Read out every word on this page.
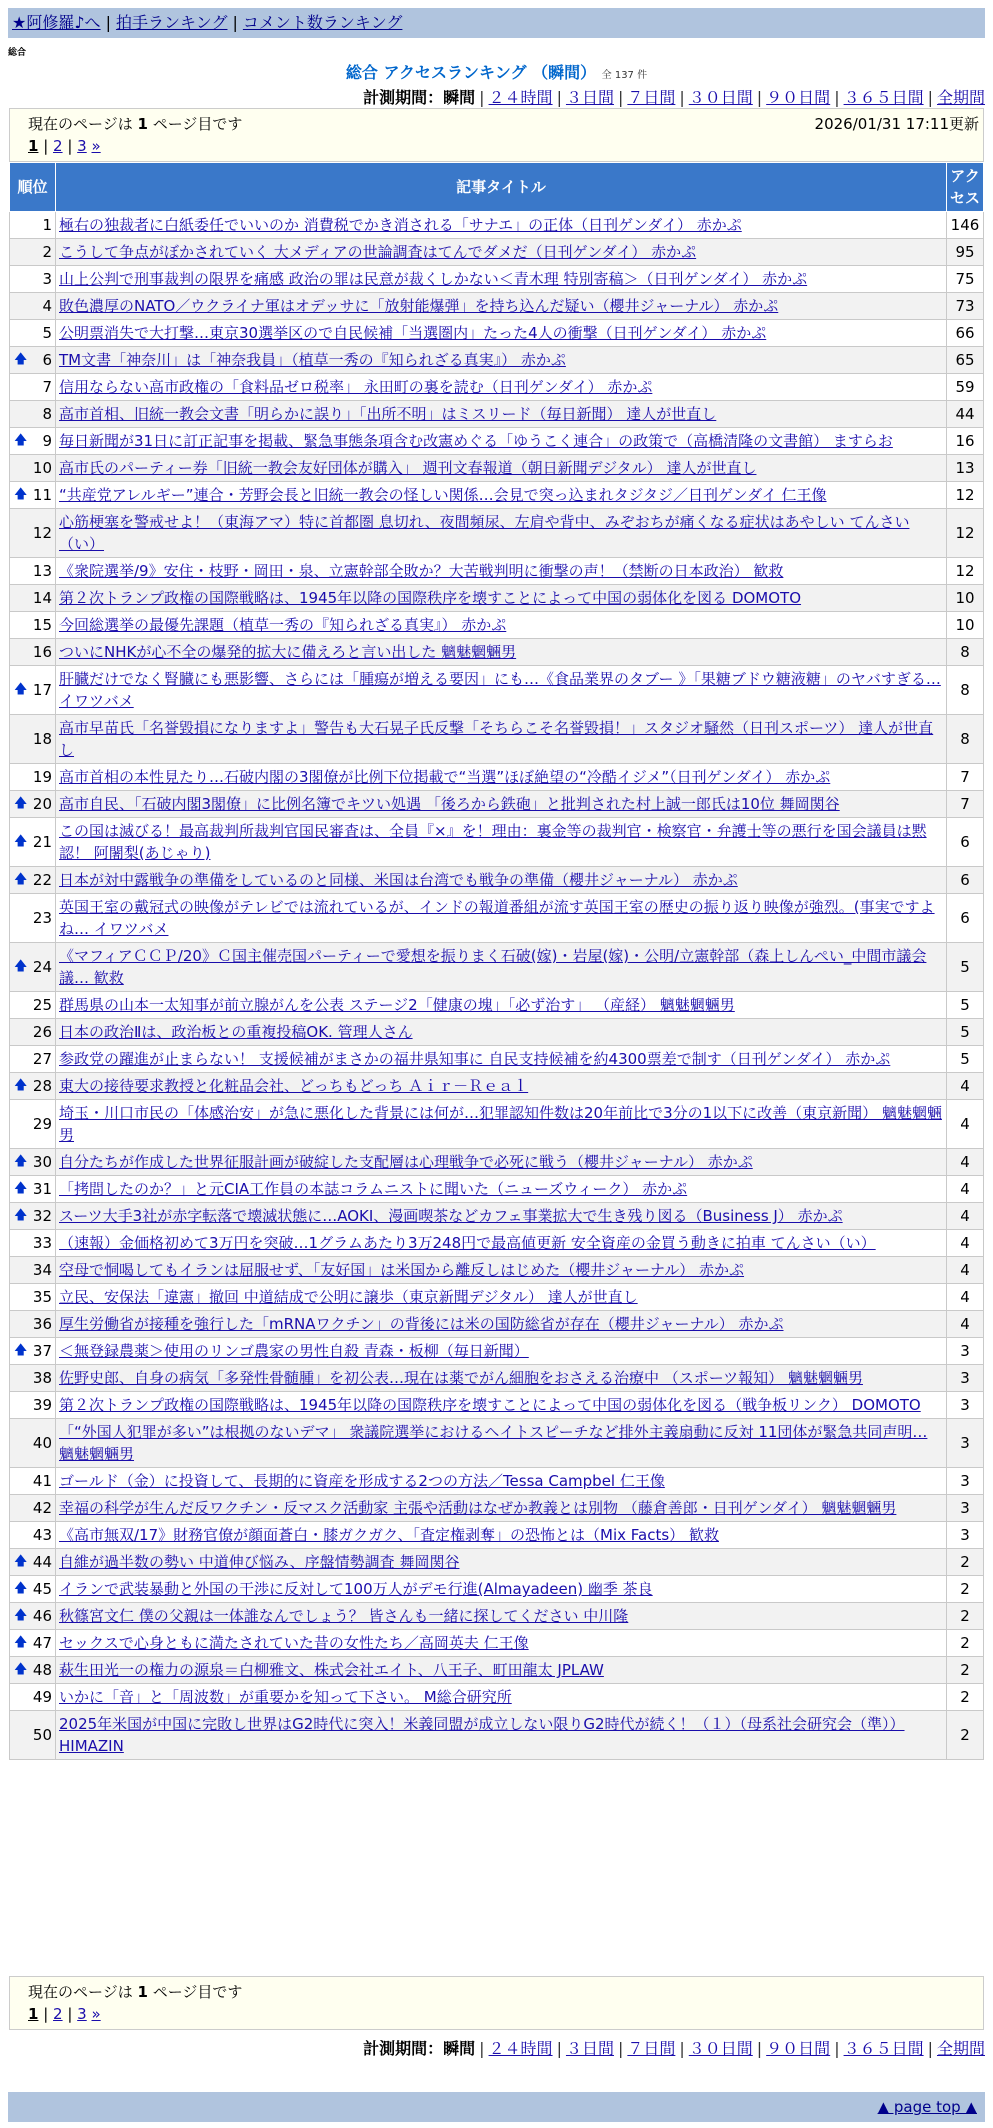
★阿修羅♪へ | 拍手ランキング | コメント数ランキング
総合
総合 アクセスランキング （瞬間） 全 137 件
計測期間：瞬間 | ２４時間 | ３日間 | ７日間 | ３０日間 | ９０日間 | ３６５日間 | 全期間
現在のページは 1 ページ目です	2026/01/31 17:11更新
1 | 2 | 3 »
順位	記事タイトル	アクセス
1	極右の独裁者に白紙委任でいいのか 消費税でかき消される「サナエ」の正体（日刊ゲンダイ） 赤かぷ	146
2	こうして争点がぼかされていく 大メディアの世論調査はてんでダメだ（日刊ゲンダイ） 赤かぷ	95
3	山上公判で刑事裁判の限界を痛感 政治の罪は民意が裁くしかない＜青木理 特別寄稿＞（日刊ゲンダイ） 赤かぷ	75
4	敗色濃厚のNATO／ウクライナ軍はオデッサに「放射能爆弾」を持ち込んだ疑い（櫻井ジャーナル） 赤かぷ	73
5	公明票消失で大打撃…東京30選挙区ので自民候補「当選圏内」たった4人の衝撃（日刊ゲンダイ） 赤かぷ	66

🡅 6	TM文書「神奈川」は「神奈我員」（植草一秀の『知られざる真実』） 赤かぷ	65
7	信用ならない高市政権の「食料品ゼロ税率」 永田町の裏を読む（日刊ゲンダイ） 赤かぷ	59
8	高市首相、旧統一教会文書「明らかに誤り」「出所不明」はミスリード（毎日新聞） 達人が世直し	44

🡅 9	毎日新聞が31日に訂正記事を掲載、緊急事態条項含む改憲めぐる「ゆうこく連合」の政策で（高橋清隆の文書館） ますらお	16
10	高市氏のパーティー券「旧統一教会友好団体が購入」 週刊文春報道（朝日新聞デジタル） 達人が世直し	13

🡅 11	“共産党アレルギー”連合・芳野会長と旧統一教会の怪しい関係…会見で突っ込まれタジタジ／日刊ゲンダイ 仁王像	12
12	心筋梗塞を警戒せよ！（東海アマ）特に首都圏 息切れ、夜間頻尿、左肩や背中、みぞおちが痛くなる症状はあやしい てんさい（い）	12
13	《衆院選挙/9》安住・枝野・岡田・泉、立憲幹部全敗か？大苦戦判明に衝撃の声！（禁断の日本政治） 歓救	12
14	第２次トランプ政権の国際戦略は、1945年以降の国際秩序を壊すことによって中国の弱体化を図る DOMOTO	10
15	今回総選挙の最優先課題（植草一秀の『知られざる真実』） 赤かぷ	10
16	ついにNHKが心不全の爆発的拡大に備えろと言い出した 魑魅魍魎男	8

🡅 17	肝臓だけでなく腎臓にも悪影響、さらには「腫瘍が増える要因」にも…《食品業界のタブー 》「果糖ブドウ糖液糖」のヤバすぎる… イワツバメ	8
18	高市早苗氏「名誉毀損になりますよ」警告も大石晃子氏反撃「そちらこそ名誉毀損！」スタジオ騒然（日刊スポーツ） 達人が世直し	8
19	高市首相の本性見たり…石破内閣の3閣僚が比例下位掲載で“当選”ほぼ絶望の“冷酷イジメ”（日刊ゲンダイ） 赤かぷ	7

🡅 20	高市自民、「石破内閣3閣僚」に比例名簿でキツい処遇 「後ろから鉄砲」と批判された村上誠一郎氏は10位 舞岡関谷	7

🡅 21	この国は滅びる！最高裁判所裁判官国民審査は、全員『×』を！理由：裏金等の裁判官・検察官・弁護士等の悪行を国会議員は黙認！ 阿闍梨(あじゃり)	6

🡅 22	日本が対中露戦争の準備をしているのと同様、米国は台湾でも戦争の準備（櫻井ジャーナル） 赤かぷ	6
23	英国王室の戴冠式の映像がテレビでは流れているが、インドの報道番組が流す英国王室の歴史の振り返り映像が強烈。(事実ですよね… イワツバメ	6

🡅 24	《マフィアＣＣＰ/20》Ｃ国主催売国パーティーで愛想を振りまく石破(嫁)・岩屋(嫁)・公明/立憲幹部（森上しんぺい_中間市議会議… 歓救	5
25	群馬県の山本一太知事が前立腺がんを公表 ステージ2「健康の塊」「必ず治す」 （産経） 魑魅魍魎男	5
26	日本の政治Ⅱは、政治板との重複投稿OK. 管理人さん	5
27	参政党の躍進が止まらない！ 支援候補がまさかの福井県知事に 自民支持候補を約4300票差で制す（日刊ゲンダイ） 赤かぷ	5

🡅 28	東大の接待要求教授と化粧品会社、どっちもどっち Ａｉｒ－Ｒｅａｌ	4
29	埼玉・川口市民の「体感治安」が急に悪化した背景には何が…犯罪認知件数は20年前比で3分の1以下に改善（東京新聞） 魑魅魍魎男	4

🡅 30	自分たちが作成した世界征服計画が破綻した支配層は心理戦争で必死に戦う（櫻井ジャーナル） 赤かぷ	4

🡅 31	「拷問したのか？」と元CIA工作員の本誌コラムニストに聞いた（ニューズウィーク） 赤かぷ	4

🡅 32	スーツ大手3社が赤字転落で壊滅状態に…AOKI、漫画喫茶などカフェ事業拡大で生き残り図る（Business J） 赤かぷ	4
33	（速報）金価格初めて3万円を突破…1グラムあたり3万248円で最高値更新 安全資産の金買う動きに拍車 てんさい（い）	4
34	空母で恫喝してもイランは屈服せず、「友好国」は米国から離反しはじめた（櫻井ジャーナル） 赤かぷ	4
35	立民、安保法「違憲」撤回 中道結成で公明に譲歩（東京新聞デジタル） 達人が世直し	4
36	厚生労働省が接種を強行した「mRNAワクチン」の背後には米の国防総省が存在（櫻井ジャーナル） 赤かぷ	4

🡅 37	＜無登録農薬＞使用のリンゴ農家の男性自殺 青森・板柳（毎日新聞）	3
38	佐野史郎、自身の病気「多発性骨髄腫」を初公表…現在は薬でがん細胞をおさえる治療中 （スポーツ報知） 魑魅魍魎男	3
39	第２次トランプ政権の国際戦略は、1945年以降の国際秩序を壊すことによって中国の弱体化を図る（戦争板リンク） DOMOTO	3
40	「“外国人犯罪が多い”は根拠のないデマ」 衆議院選挙におけるヘイトスピーチなど排外主義扇動に反対 11団体が緊急共同声明… 魑魅魍魎男	3
41	ゴールド（金）に投資して、長期的に資産を形成する2つの方法／Tessa Campbel 仁王像	3
42	幸福の科学が生んだ反ワクチン・反マスク活動家 主張や活動はなぜか教義とは別物 （藤倉善郎・日刊ゲンダイ） 魑魅魍魎男	3
43	《高市無双/17》財務官僚が顔面蒼白・膝ガクガク、「査定権剥奪」の恐怖とは（Mix Facts） 歓救	3

🡅 44	自維が過半数の勢い 中道伸び悩み、序盤情勢調査 舞岡関谷	2

🡅 45	イランで武装暴動と外国の干渉に反対して100万人がデモ行進(Almayadeen) 幽季 茶良	2

🡅 46	秋篠宮文仁 僕の父親は一体誰なんでしょう？ 皆さんも一緒に探してください 中川隆	2

🡅 47	セックスで心身ともに満たされていた昔の女性たち／高岡英夫 仁王像	2

🡅 48	萩生田光一の権力の源泉＝白柳雅文、株式会社エイト、八王子、町田龍太 JPLAW	2
49	いかに「音」と「周波数」が重要かを知って下さい。 M総合研究所	2
50	2025年米国が中国に完敗し世界はG2時代に突入！米義同盟が成立しない限りG2時代が続く！（１）（母系社会研究会（準）） HIMAZIN	2
現在のページは 1 ページ目です
1 | 2 | 3 »
計測期間：瞬間 | ２４時間 | ３日間 | ７日間 | ３０日間 | ９０日間 | ３６５日間 | 全期間
▲ page top ▲
